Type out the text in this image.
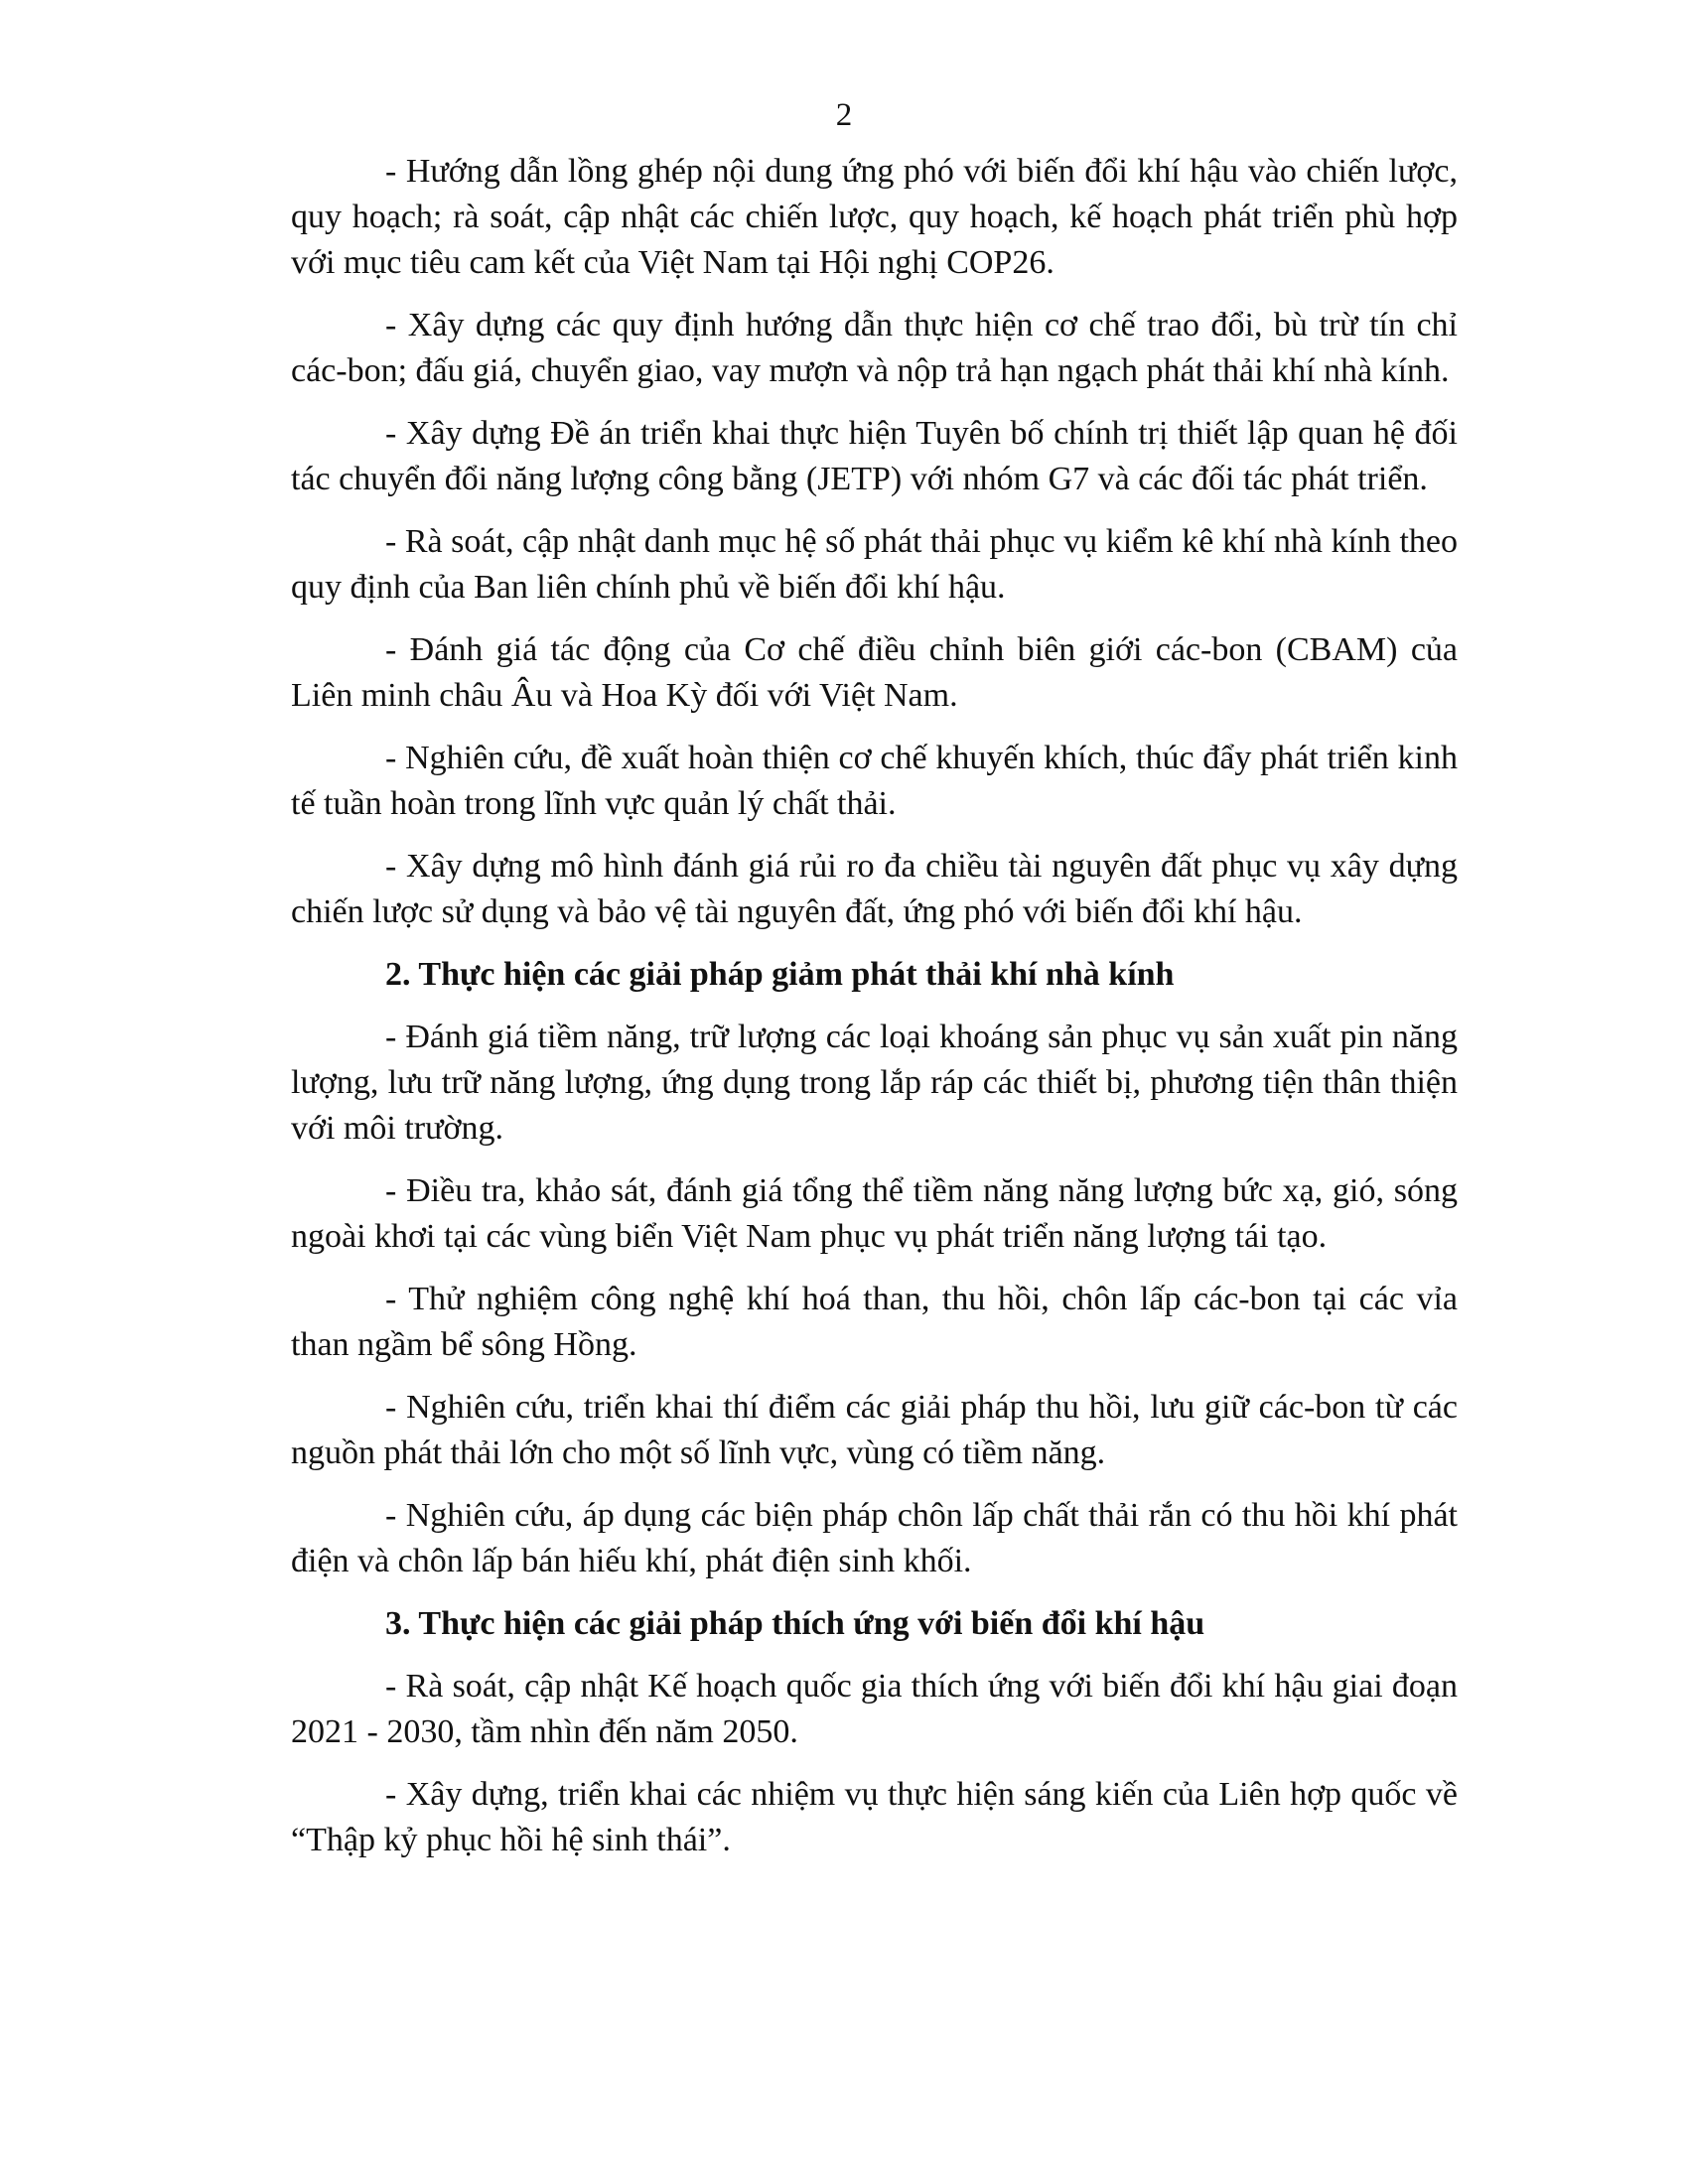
2

- Hướng dẫn lồng ghép nội dung ứng phó với biến đổi khí hậu vào chiến lược, quy hoạch; rà soát, cập nhật các chiến lược, quy hoạch, kế hoạch phát triển phù hợp với mục tiêu cam kết của Việt Nam tại Hội nghị COP26.

- Xây dựng các quy định hướng dẫn thực hiện cơ chế trao đổi, bù trừ tín chỉ các-bon; đấu giá, chuyển giao, vay mượn và nộp trả hạn ngạch phát thải khí nhà kính.

- Xây dựng Đề án triển khai thực hiện Tuyên bố chính trị thiết lập quan hệ đối tác chuyển đổi năng lượng công bằng (JETP) với nhóm G7 và các đối tác phát triển.

- Rà soát, cập nhật danh mục hệ số phát thải phục vụ kiểm kê khí nhà kính theo quy định của Ban liên chính phủ về biến đổi khí hậu.

- Đánh giá tác động của Cơ chế điều chỉnh biên giới các-bon (CBAM) của Liên minh châu Âu và Hoa Kỳ đối với Việt Nam.

- Nghiên cứu, đề xuất hoàn thiện cơ chế khuyến khích, thúc đẩy phát triển kinh tế tuần hoàn trong lĩnh vực quản lý chất thải.

- Xây dựng mô hình đánh giá rủi ro đa chiều tài nguyên đất phục vụ xây dựng chiến lược sử dụng và bảo vệ tài nguyên đất, ứng phó với biến đổi khí hậu.

2. Thực hiện các giải pháp giảm phát thải khí nhà kính

- Đánh giá tiềm năng, trữ lượng các loại khoáng sản phục vụ sản xuất pin năng lượng, lưu trữ năng lượng, ứng dụng trong lắp ráp các thiết bị, phương tiện thân thiện với môi trường.

- Điều tra, khảo sát, đánh giá tổng thể tiềm năng năng lượng bức xạ, gió, sóng ngoài khơi tại các vùng biển Việt Nam phục vụ phát triển năng lượng tái tạo.

- Thử nghiệm công nghệ khí hoá than, thu hồi, chôn lấp các-bon tại các vỉa than ngầm bể sông Hồng.

- Nghiên cứu, triển khai thí điểm các giải pháp thu hồi, lưu giữ các-bon từ các nguồn phát thải lớn cho một số lĩnh vực, vùng có tiềm năng.

- Nghiên cứu, áp dụng các biện pháp chôn lấp chất thải rắn có thu hồi khí phát điện và chôn lấp bán hiếu khí, phát điện sinh khối.

3. Thực hiện các giải pháp thích ứng với biến đổi khí hậu

- Rà soát, cập nhật Kế hoạch quốc gia thích ứng với biến đổi khí hậu giai đoạn 2021 - 2030, tầm nhìn đến năm 2050.

- Xây dựng, triển khai các nhiệm vụ thực hiện sáng kiến của Liên hợp quốc về “Thập kỷ phục hồi hệ sinh thái”.
